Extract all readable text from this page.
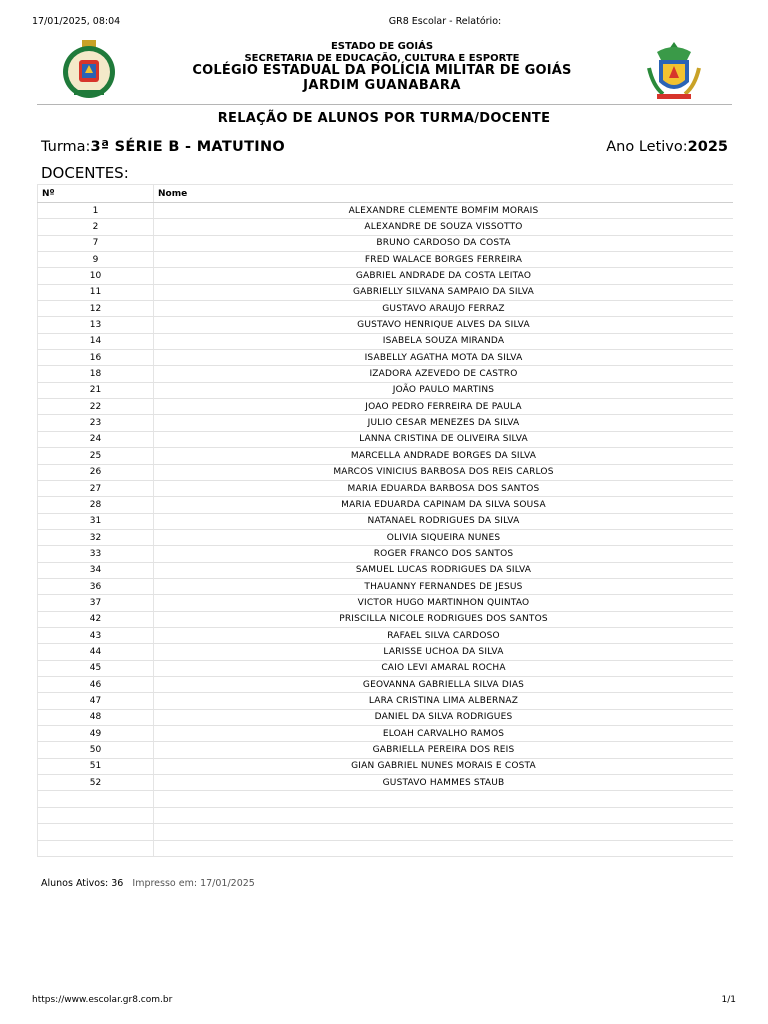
17/01/2025, 08:04	GR8 Escolar - Relatório:
ESTADO DE GOIÁS
SECRETARIA DE EDUCAÇÃO, CULTURA E ESPORTE
COLÉGIO ESTADUAL DA POLÍCIA MILITAR DE GOIÁS
JARDIM GUANABARA
RELAÇÃO DE ALUNOS POR TURMA/DOCENTE
Turma:3ª SÉRIE B - MATUTINO	Ano Letivo:2025
DOCENTES:
Nº	Nome
1	ALEXANDRE CLEMENTE BOMFIM MORAIS
2	ALEXANDRE DE SOUZA VISSOTTO
7	BRUNO CARDOSO DA COSTA
9	FRED WALACE BORGES FERREIRA
10	GABRIEL ANDRADE DA COSTA LEITAO
11	GABRIELLY SILVANA SAMPAIO DA SILVA
12	GUSTAVO ARAUJO FERRAZ
13	GUSTAVO HENRIQUE ALVES DA SILVA
14	ISABELA SOUZA MIRANDA
16	ISABELLY AGATHA MOTA DA SILVA
18	IZADORA AZEVEDO DE CASTRO
21	JOÃO PAULO MARTINS
22	JOAO PEDRO FERREIRA DE PAULA
23	JULIO CESAR MENEZES DA SILVA
24	LANNA CRISTINA DE OLIVEIRA SILVA
25	MARCELLA ANDRADE BORGES DA SILVA
26	MARCOS VINICIUS BARBOSA DOS REIS CARLOS
27	MARIA EDUARDA BARBOSA DOS SANTOS
28	MARIA EDUARDA CAPINAM DA SILVA SOUSA
31	NATANAEL RODRIGUES DA SILVA
32	OLIVIA SIQUEIRA NUNES
33	ROGER FRANCO DOS SANTOS
34	SAMUEL LUCAS RODRIGUES DA SILVA
36	THAUANNY FERNANDES DE JESUS
37	VICTOR HUGO MARTINHON QUINTAO
42	PRISCILLA NICOLE RODRIGUES DOS SANTOS
43	RAFAEL SILVA CARDOSO
44	LARISSE UCHOA DA SILVA
45	CAIO LEVI AMARAL ROCHA
46	GEOVANNA GABRIELLA SILVA DIAS
47	LARA CRISTINA LIMA ALBERNAZ
48	DANIEL DA SILVA RODRIGUES
49	ELOAH CARVALHO RAMOS
50	GABRIELLA PEREIRA DOS REIS
51	GIAN GABRIEL NUNES MORAIS E COSTA
52	GUSTAVO HAMMES STAUB

Alunos Ativos: 36 Impresso em: 17/01/2025
https://www.escolar.gr8.com.br	1/1
